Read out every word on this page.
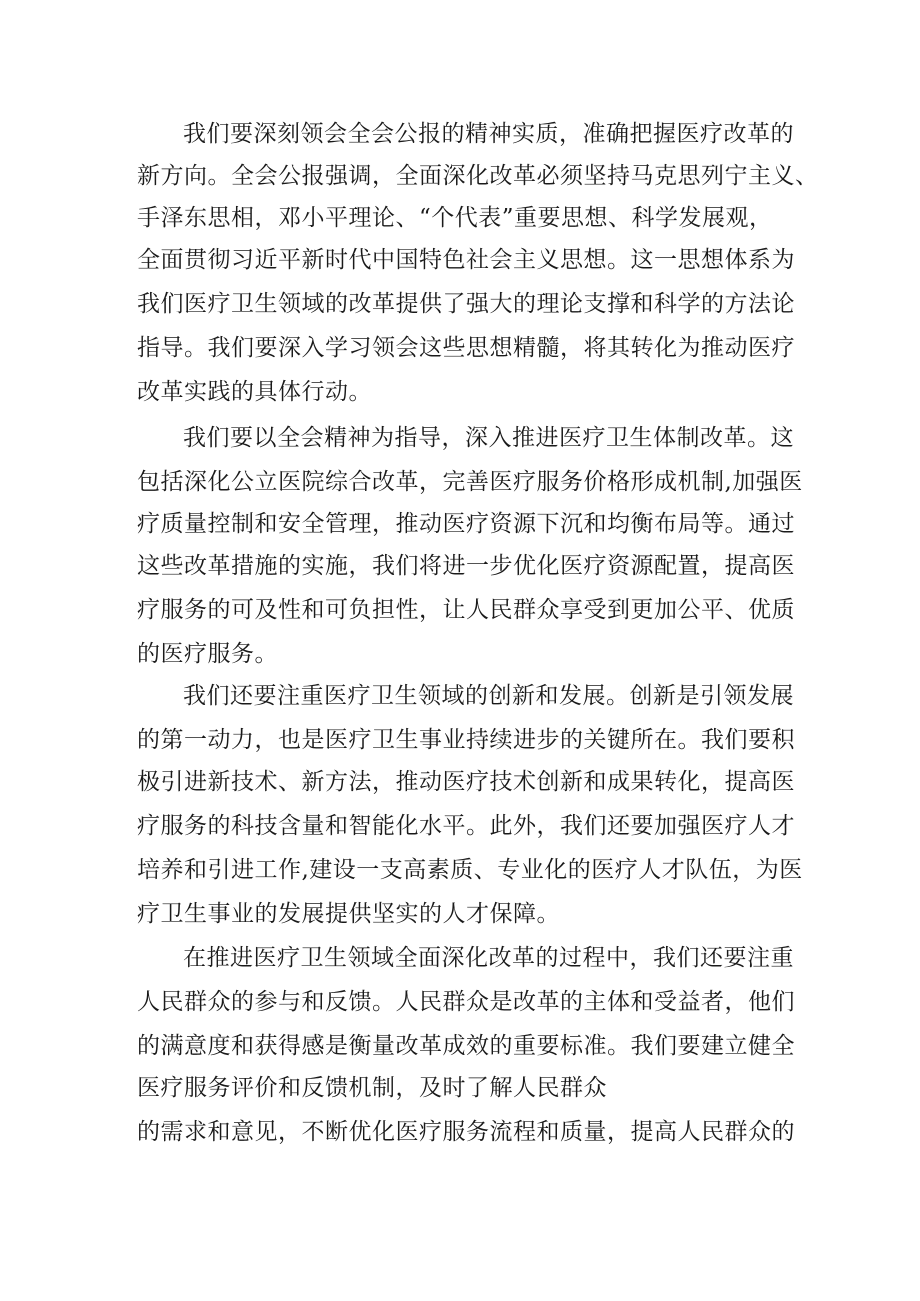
我们要深刻领会全会公报的精神实质，准确把握医疗改革的

新方向。全会公报强调，全面深化改革必须坚持马克思列宁主义、

手泽东思相，邓小平理论、“个代表”重要思想、科学发展观，

全面贯彻习近平新时代中国特色社会主义思想。这一思想体系为

我们医疗卫生领域的改革提供了强大的理论支撑和科学的方法论

指导。我们要深入学习领会这些思想精髓，将其转化为推动医疗

改革实践的具体行动。

我们要以全会精神为指导，深入推进医疗卫生体制改革。这

包括深化公立医院综合改革，完善医疗服务价格形成机制,加强医

疗质量控制和安全管理，推动医疗资源下沉和均衡布局等。通过

这些改革措施的实施，我们将进一步优化医疗资源配置，提高医

疗服务的可及性和可负担性，让人民群众享受到更加公平、优质

的医疗服务。

我们还要注重医疗卫生领域的创新和发展。创新是引领发展

的第一动力，也是医疗卫生事业持续进步的关键所在。我们要积

极引进新技术、新方法，推动医疗技术创新和成果转化，提高医

疗服务的科技含量和智能化水平。此外，我们还要加强医疗人才

培养和引进工作,建设一支高素质、专业化的医疗人才队伍，为医

疗卫生事业的发展提供坚实的人才保障。

在推进医疗卫生领域全面深化改革的过程中，我们还要注重

人民群众的参与和反馈。人民群众是改革的主体和受益者，他们

的满意度和获得感是衡量改革成效的重要标准。我们要建立健全

医疗服务评价和反馈机制，及时了解人民群众

的需求和意见，不断优化医疗服务流程和质量，提高人民群众的
